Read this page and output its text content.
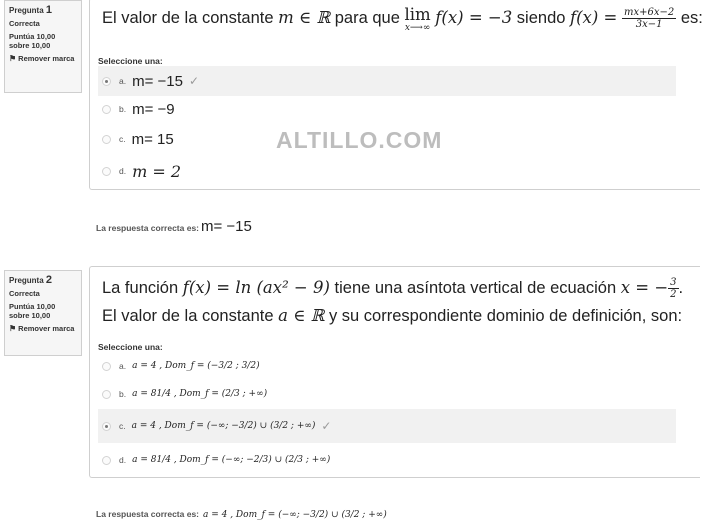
Pregunta 1
Correcta
Puntúa 10,00 sobre 10,00
⚑ Remover marca
El valor de la constante m ∈ ℝ para que lim
x⟶∞
f(x) = −3 siendo $f(x) = \frac{mx+6x-2}{3x-1}$ es:
Seleccione una:
a. m= −15 ✓
b. m= −9
c. m= 15
d. m = 2
ALTILLO.COM
La respuesta correcta es: m= −15
Pregunta 2
Correcta
Puntúa 10,00 sobre 10,00
⚑ Remover marca
La función f(x) = ln (ax² − 9) tiene una asíntota vertical de ecuación x = − $\frac{3}{2}$ .
El valor de la constante a ∈ ℝ y su correspondiente dominio de definición, son:
Seleccione una:
a. a = 4 , Dom_f = (−3/2 ; 3/2)
b. a = 81/4 , Dom_f = (2/3 ; +∞)
c. a = 4 , Dom_f = (−∞; −3/2) ∪ (3/2 ; +∞) ✓
d. a = 81/4 , Dom_f = (−∞; −2/3) ∪ (2/3 ; +∞)
La respuesta correcta es: a = 4 , Dom_f = (−∞; −3/2) ∪ (3/2 ; +∞)
